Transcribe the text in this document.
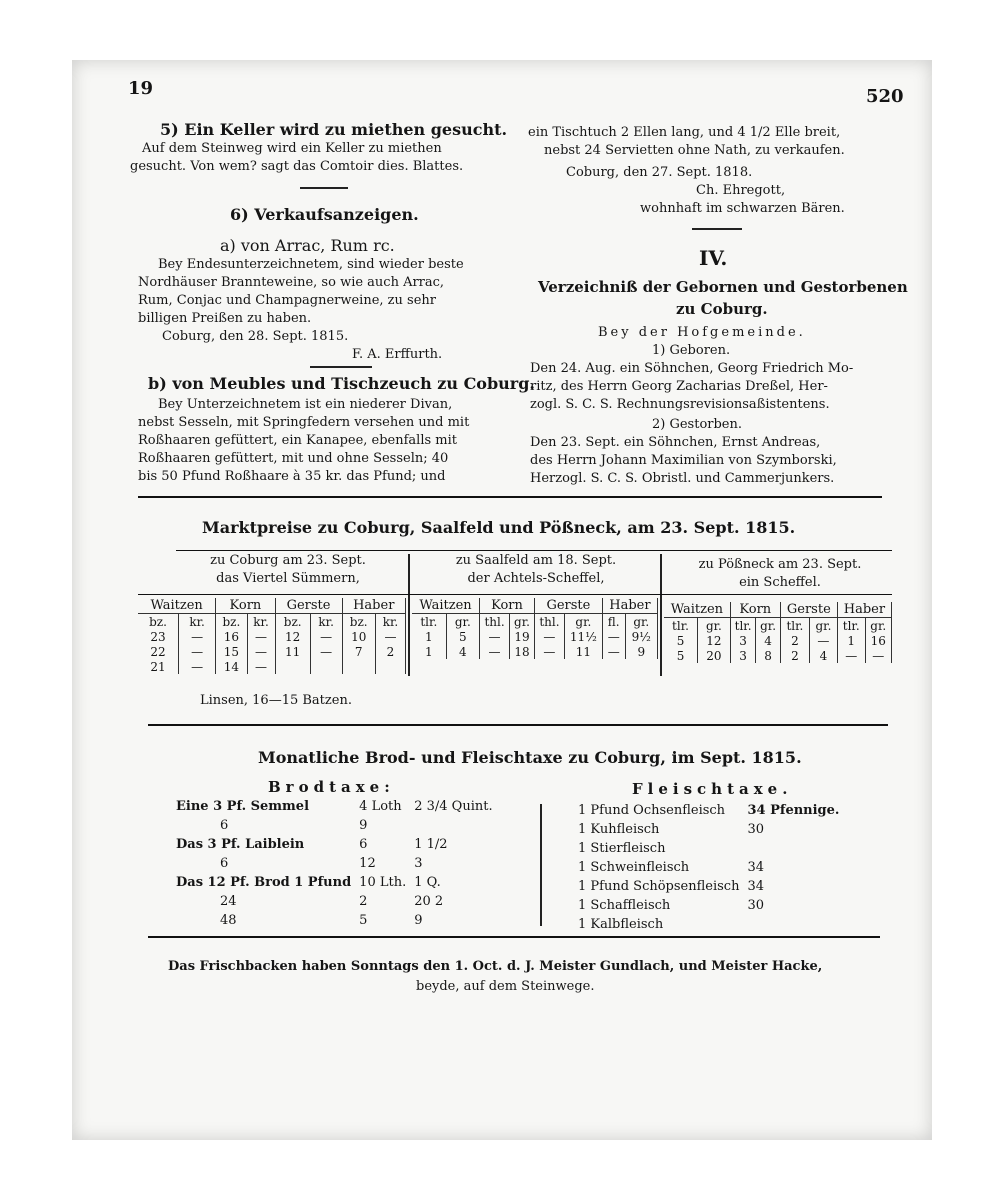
19	520
5) Ein Keller wird zu miethen gesucht.
Auf dem Steinweg wird ein Keller zu miethen
gesucht. Von wem? sagt das Comtoir dies. Blattes.
6) Verkaufsanzeigen.
a) von Arrac, Rum rc.
Bey Endesunterzeichnetem, sind wieder beste
Nordhäuser Brannteweine, so wie auch Arrac,
Rum, Conjac und Champagnerweine, zu sehr
billigen Preißen zu haben.
Coburg, den 28. Sept. 1815.
F. A. Erffurth.
b) von Meubles und Tischzeuch zu Coburg.
Bey Unterzeichnetem ist ein niederer Divan,
nebst Sesseln, mit Springfedern versehen und mit
Roßhaaren gefüttert, ein Kanapee, ebenfalls mit
Roßhaaren gefüttert, mit und ohne Sesseln; 40
bis 50 Pfund Roßhaare à 35 kr. das Pfund; und
ein Tischtuch 2 Ellen lang, und 4 1/2 Elle breit,
nebst 24 Servietten ohne Nath, zu verkaufen.
Coburg, den 27. Sept. 1818.
Ch. Ehregott,
wohnhaft im schwarzen Bären.
IV.
Verzeichniß der Gebornen und Gestorbenen
zu Coburg.
Bey der Hofgemeinde.
1) Geboren.
Den 24. Aug. ein Söhnchen, Georg Friedrich Mo-
ritz, des Herrn Georg Zacharias Dreßel, Her-
zogl. S. C. S. Rechnungsrevisionsaßistentens.
2) Gestorben.
Den 23. Sept. ein Söhnchen, Ernst Andreas,
des Herrn Johann Maximilian von Szymborski,
Herzogl. S. C. S. Obristl. und Cammerjunkers.
Marktpreise zu Coburg, Saalfeld und Pößneck, am 23. Sept. 1815.
zu Coburg am 23. Sept.
das Viertel Sümmern,
zu Saalfeld am 18. Sept.
der Achtels-Scheffel,
zu Pößneck am 23. Sept.
ein Scheffel.
Waitzen		Korn		Gerste		Haber	
bz.	kr.	bz.	kr.	bz.	kr.	bz.	kr.
23	—	16	—	12	—	10	—
22	—	15	—	11	—	7	2
21	—	14	—				
Waitzen		Korn		Gerste		Haber	
tlr.	gr.	thl.	gr.	thl.	gr.	fl.	gr.
1	5	—	19	—	11½	—	9½
1	4	—	18	—	11	—	9
Waitzen		Korn		Gerste		Haber	
tlr.	gr.	tlr.	gr.	tlr.	gr.	tlr.	gr.
5	12	3	4	2	—	1	16
5	20	3	8	2	4	—	—
Linsen, 16—15 Batzen.
Monatliche Brod- und Fleischtaxe zu Coburg, im Sept. 1815.
Brodtaxe:
Eine 3 Pf. Semmel	4 Loth	2 3/4 Quint.
6	9	
Das 3 Pf. Laiblein	6	1 1/2
6	12	3
Das 12 Pf. Brod 1 Pfund	10 Lth.	1 Q.
24	2	20 2
48	5	9
Fleischtaxe.
1 Pfund Ochsenfleisch	34 Pfennige.
1 Kuhfleisch	30
1 Stierfleisch	
1 Schweinfleisch	34
1 Pfund Schöpsenfleisch	34
1 Schaffleisch	30
1 Kalbfleisch	
Das Frischbacken haben Sonntags den 1. Oct. d. J. Meister Gundlach, und Meister Hacke,
beyde, auf dem Steinwege.
